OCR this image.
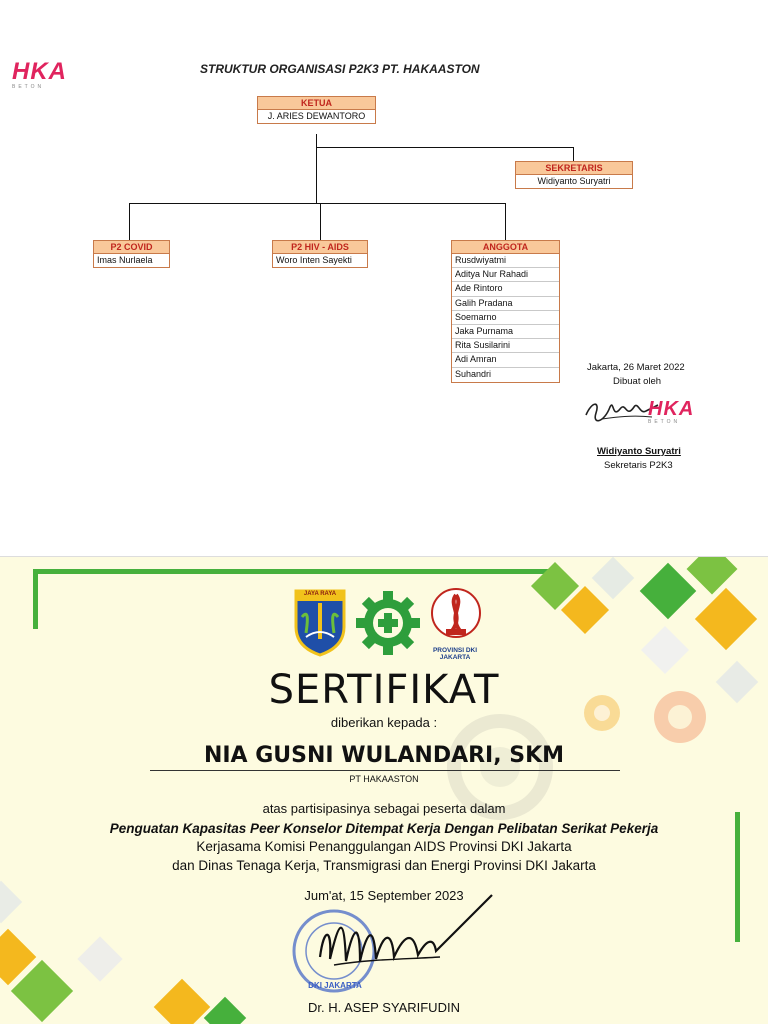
HKA
BETON
STRUKTUR ORGANISASI P2K3 PT. HAKAASTON
KETUA
J. ARIES DEWANTORO
SEKRETARIS
Widiyanto Suryatri
P2 COVID
Imas Nurlaela
P2 HIV - AIDS
Woro Inten Sayekti
ANGGOTA
Rusdwiyatmi
Aditya Nur Rahadi
Ade Rintoro
Galih Pradana
Soemarno
Jaka Purnama
Rita Susilarini
Adi Amran
Suhandri
Jakarta, 26 Maret 2022
Dibuat oleh
HKA
BETON
Widiyanto Suryatri
Sekretaris P2K3
JAYA RAYA
PROVINSI DKI JAKARTA
SERTIFIKAT
diberikan kepada :
NIA GUSNI WULANDARI, SKM
PT HAKAASTON
atas partisipasinya sebagai peserta dalam
Penguatan Kapasitas Peer Konselor Ditempat Kerja Dengan Pelibatan Serikat Pekerja
Kerjasama Komisi Penanggulangan AIDS Provinsi DKI Jakarta
dan Dinas Tenaga Kerja, Transmigrasi dan Energi Provinsi DKI Jakarta
Jum'at, 15 September 2023
DKI JAKARTA
Dr. H. ASEP SYARIFUDIN
